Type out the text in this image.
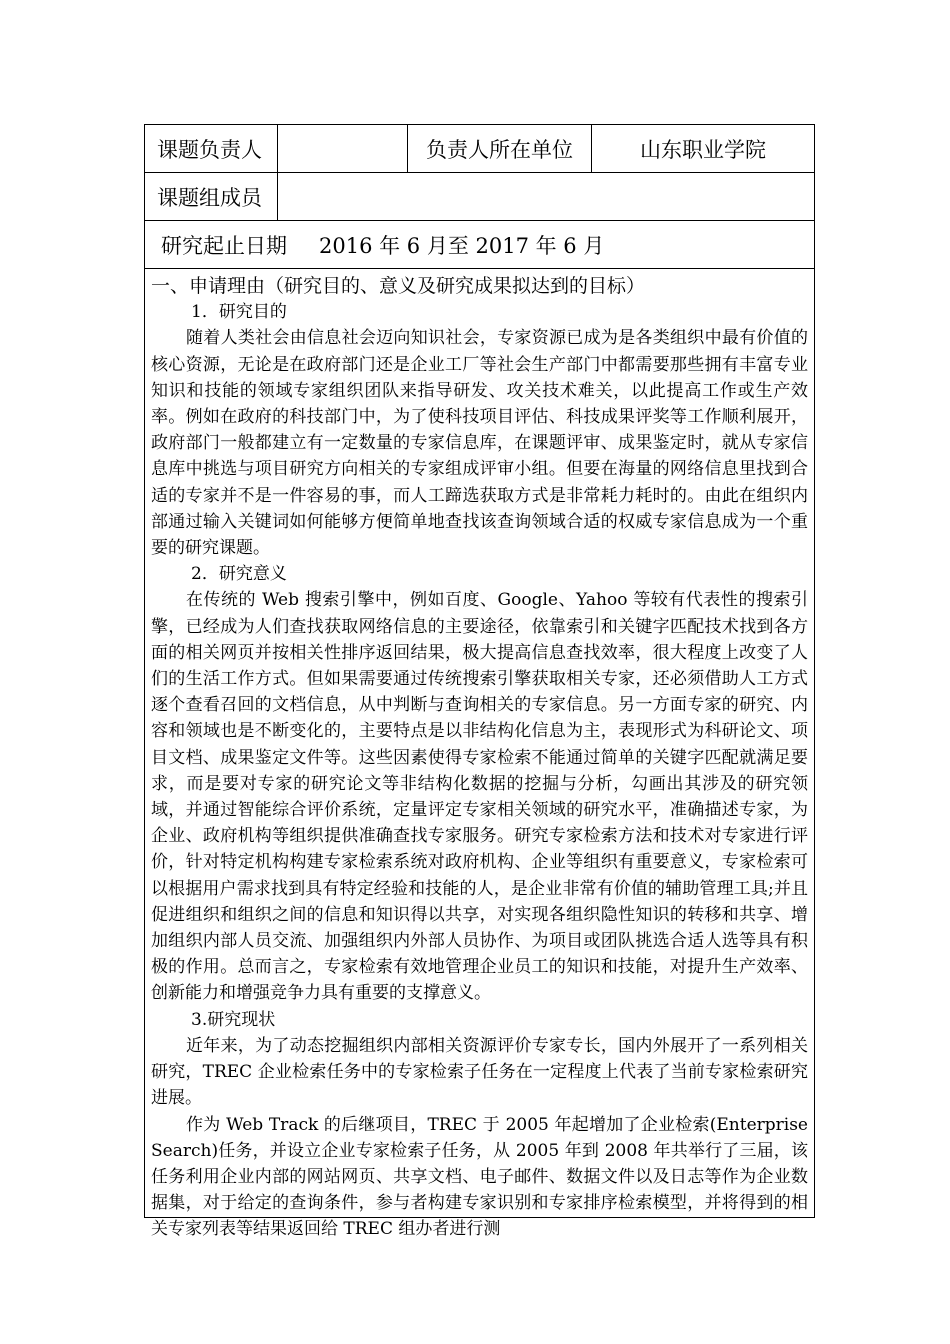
课题负责人	负责人所在单位	山东职业学院
课题组成员
研究起止日期 2016 年 6 月至 2017 年 6 月

一、申请理由（研究目的、意义及研究成果拟达到的目标）

1．研究目的

随着人类社会由信息社会迈向知识社会，专家资源已成为是各类组织中最有价值的核心资源，无论是在政府部门还是企业工厂等社会生产部门中都需要那些拥有丰富专业知识和技能的领域专家组织团队来指导研发、攻关技术难关，以此提高工作或生产效率。例如在政府的科技部门中，为了使科技项目评估、科技成果评奖等工作顺利展开，政府部门一般都建立有一定数量的专家信息库，在课题评审、成果鉴定时，就从专家信息库中挑选与项目研究方向相关的专家组成评审小组。但要在海量的网络信息里找到合适的专家并不是一件容易的事，而人工蹄选获取方式是非常耗力耗时的。由此在组织内部通过输入关键词如何能够方便简单地查找该查询领域合适的权威专家信息成为一个重要的研究课题。

2．研究意义

在传统的 Web 搜索引擎中，例如百度、Google、Yahoo 等较有代表性的搜索引擎，已经成为人们查找获取网络信息的主要途径，依靠索引和关键字匹配技术找到各方面的相关网页并按相关性排序返回结果，极大提高信息查找效率，很大程度上改变了人们的生活工作方式。但如果需要通过传统搜索引擎获取相关专家，还必须借助人工方式逐个查看召回的文档信息，从中判断与查询相关的专家信息。另一方面专家的研究、内容和领域也是不断变化的，主要特点是以非结构化信息为主，表现形式为科研论文、项目文档、成果鉴定文件等。这些因素使得专家检索不能通过简单的关键字匹配就满足要求，而是要对专家的研究论文等非结构化数据的挖掘与分析，勾画出其涉及的研究领域，并通过智能综合评价系统，定量评定专家相关领域的研究水平，准确描述专家，为企业、政府机构等组织提供准确查找专家服务。研究专家检索方法和技术对专家进行评价，针对特定机构构建专家检索系统对政府机构、企业等组织有重要意义，专家检索可以根据用户需求找到具有特定经验和技能的人，是企业非常有价值的辅助管理工具;并且促进组织和组织之间的信息和知识得以共享，对实现各组织隐性知识的转移和共享、增加组织内部人员交流、加强组织内外部人员协作、为项目或团队挑选合适人选等具有积极的作用。总而言之，专家检索有效地管理企业员工的知识和技能，对提升生产效率、创新能力和增强竞争力具有重要的支撑意义。

3.研究现状

近年来，为了动态挖掘组织内部相关资源评价专家专长，国内外展开了一系列相关研究，TREC 企业检索任务中的专家检索子任务在一定程度上代表了当前专家检索研究进展。

作为 Web Track 的后继项目，TREC 于 2005 年起增加了企业检索(Enterprise Search)任务，并设立企业专家检索子任务，从 2005 年到 2008 年共举行了三届，该任务利用企业内部的网站网页、共享文档、电子邮件、数据文件以及日志等作为企业数据集，对于给定的查询条件，参与者构建专家识别和专家排序检索模型，并将得到的相关专家列表等结果返回给 TREC 组办者进行测
